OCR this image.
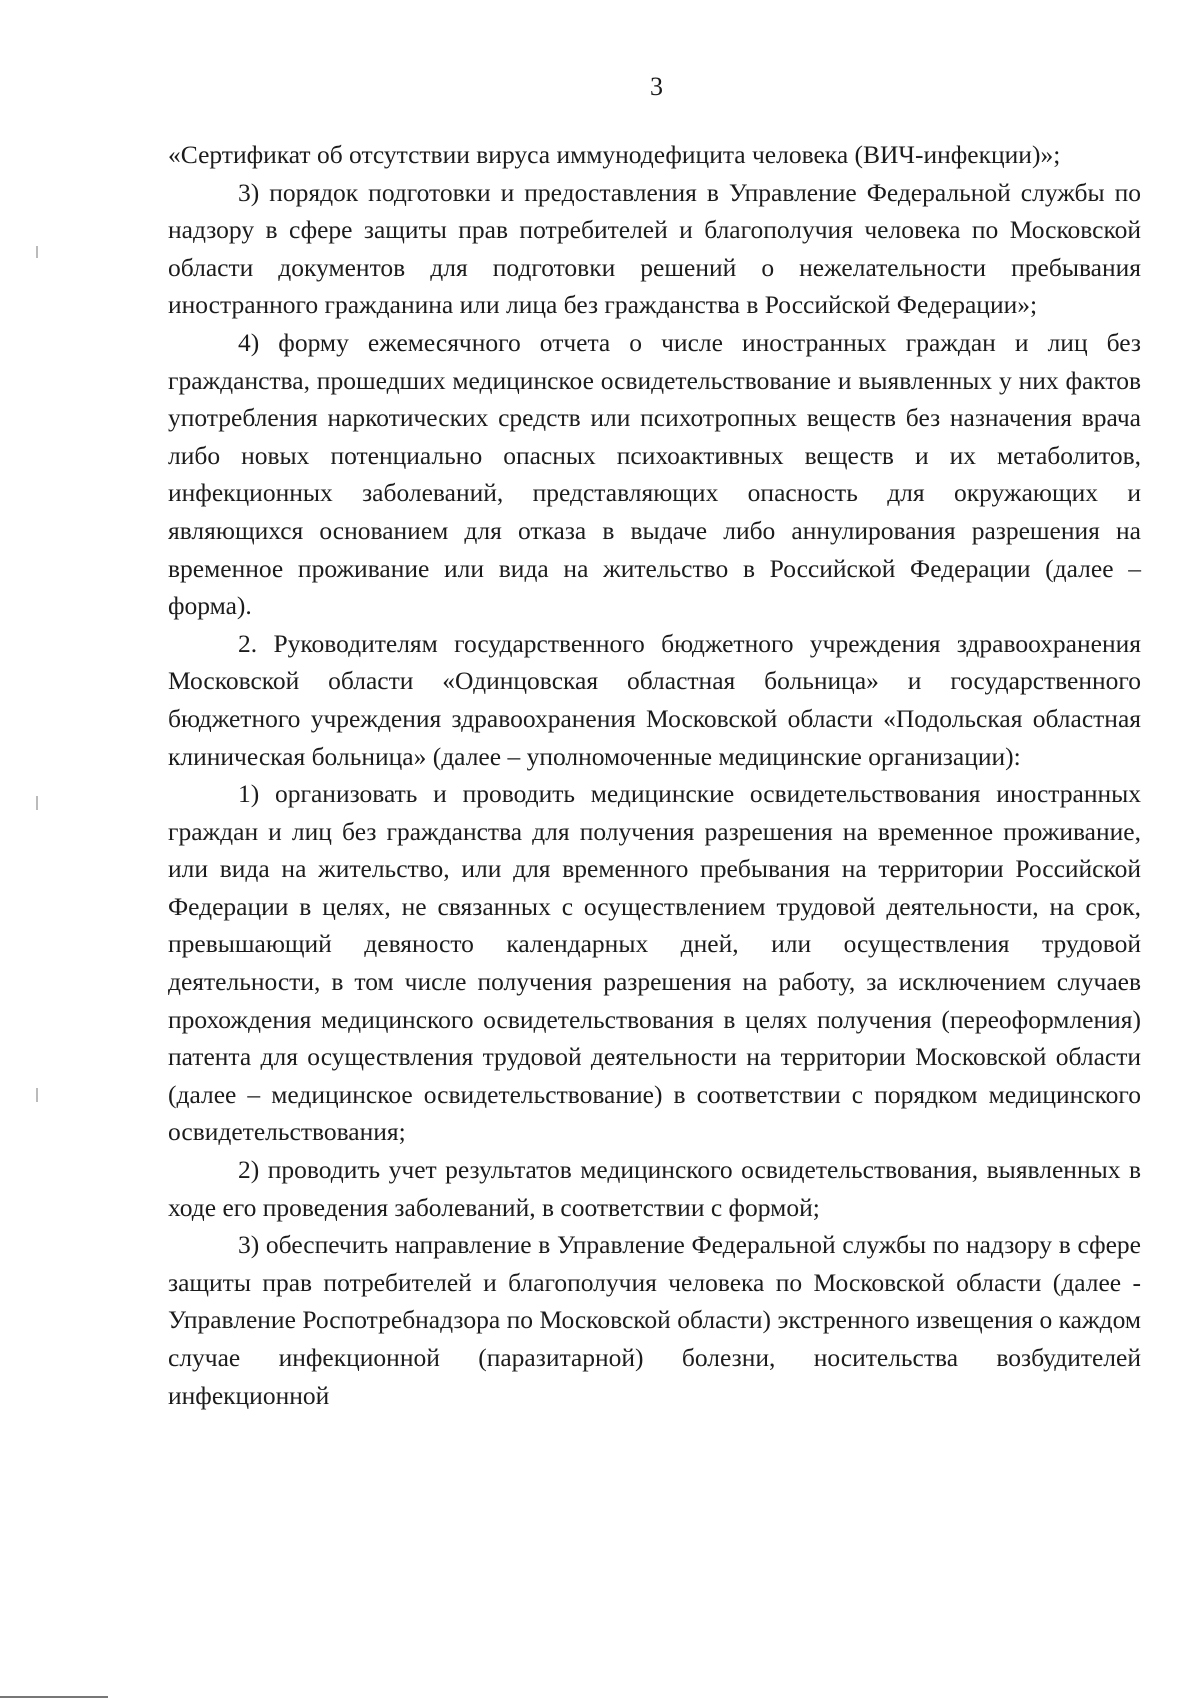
3

«Сертификат об отсутствии вируса иммунодефицита человека (ВИЧ-инфекции)»;

3) порядок подготовки и предоставления в Управление Федеральной службы по надзору в сфере защиты прав потребителей и благополучия человека по Московской области документов для подготовки решений о нежелательности пребывания иностранного гражданина или лица без гражданства в Российской Федерации»;

4) форму ежемесячного отчета о числе иностранных граждан и лиц без гражданства, прошедших медицинское освидетельствование и выявленных у них фактов употребления наркотических средств или психотропных веществ без назначения врача либо новых потенциально опасных психоактивных веществ и их метаболитов, инфекционных заболеваний, представляющих опасность для окружающих и являющихся основанием для отказа в выдаче либо аннулирования разрешения на временное проживание или вида на жительство в Российской Федерации (далее – форма).

2. Руководителям государственного бюджетного учреждения здравоохранения Московской области «Одинцовская областная больница» и государственного бюджетного учреждения здравоохранения Московской области «Подольская областная клиническая больница» (далее – уполномоченные медицинские организации):

1) организовать и проводить медицинские освидетельствования иностранных граждан и лиц без гражданства для получения разрешения на временное проживание, или вида на жительство, или для временного пребывания на территории Российской Федерации в целях, не связанных с осуществлением трудовой деятельности, на срок, превышающий девяносто календарных дней, или осуществления трудовой деятельности, в том числе получения разрешения на работу, за исключением случаев прохождения медицинского освидетельствования в целях получения (переоформления) патента для осуществления трудовой деятельности на территории Московской области (далее – медицинское освидетельствование) в соответствии с порядком медицинского освидетельствования;

2) проводить учет результатов медицинского освидетельствования, выявленных в ходе его проведения заболеваний, в соответствии с формой;

3) обеспечить направление в Управление Федеральной службы по надзору в сфере защиты прав потребителей и благополучия человека по Московской области (далее - Управление Роспотребнадзора по Московской области) экстренного извещения о каждом случае инфекционной (паразитарной) болезни, носительства возбудителей инфекционной
